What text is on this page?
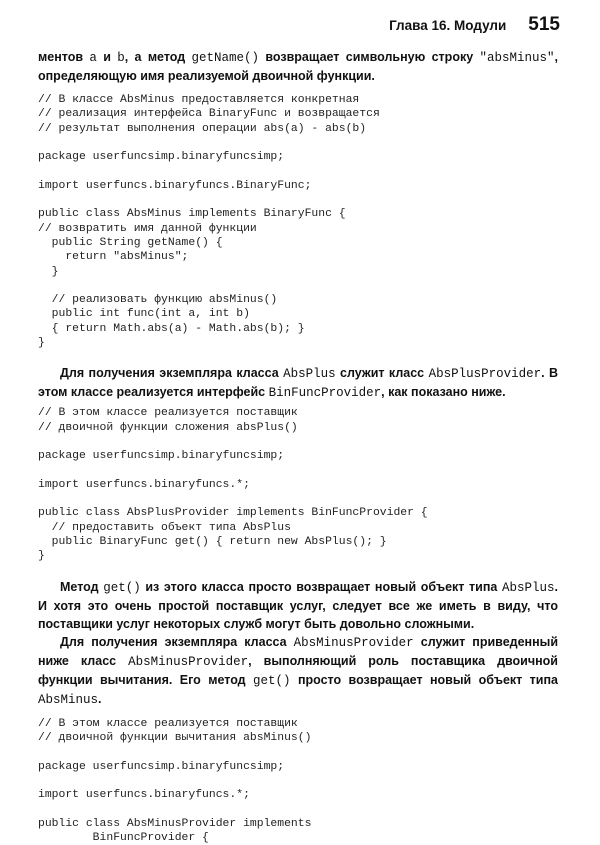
Глава 16. Модули 515

ментов a и b, а метод getName() возвращает символьную строку "absMinus", определяющую имя реализуемой двоичной функции.

// В классе AbsMinus предоставляется конкретная
// реализация интерфейса BinaryFunc и возвращается
// результат выполнения операции abs(a) - abs(b)

package userfuncsimp.binaryfuncsimp;

import userfuncs.binaryfuncs.BinaryFunc;

public class AbsMinus implements BinaryFunc {
// возвратить имя данной функции
public String getName() {
return "absMinus";
}

// реализовать функцию absMinus()
public int func(int a, int b)
{ return Math.abs(a) - Math.abs(b); }
}

Для получения экземпляра класса AbsPlus служит класс AbsPlusProvider. В этом классе реализуется интерфейс BinFuncProvider, как показано ниже.

// В этом классе реализуется поставщик
// двоичной функции сложения absPlus()

package userfuncsimp.binaryfuncsimp;

import userfuncs.binaryfuncs.*;

public class AbsPlusProvider implements BinFuncProvider {
// предоставить объект типа AbsPlus
public BinaryFunc get() { return new AbsPlus(); }
}

Метод get() из этого класса просто возвращает новый объект типа AbsPlus. И хотя это очень простой поставщик услуг, следует все же иметь в виду, что поставщики услуг некоторых служб могут быть довольно сложными.

Для получения экземпляра класса AbsMinusProvider служит приведенный ниже класс AbsMinusProvider, выполняющий роль поставщика двоичной функции вычитания. Его метод get() просто возвращает новый объект типа AbsMinus.

// В этом классе реализуется поставщик
// двоичной функции вычитания absMinus()

package userfuncsimp.binaryfuncsimp;

import userfuncs.binaryfuncs.*;

public class AbsMinusProvider implements
BinFuncProvider {
